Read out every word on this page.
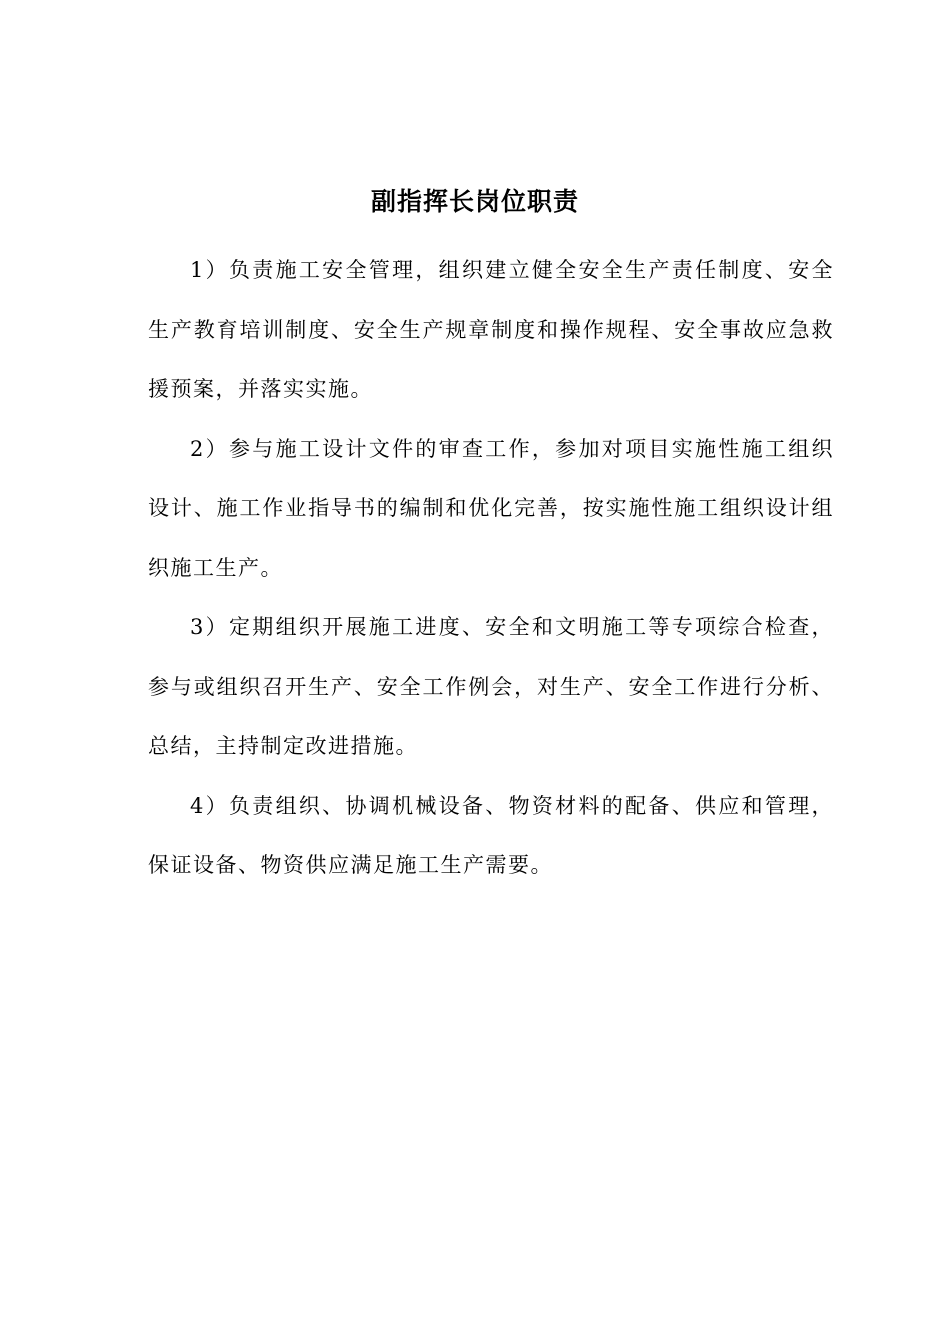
副指挥长岗位职责

1）负责施工安全管理，组织建立健全安全生产责任制度、安全生产教育培训制度、安全生产规章制度和操作规程、安全事故应急救援预案，并落实实施。

2）参与施工设计文件的审查工作，参加对项目实施性施工组织设计、施工作业指导书的编制和优化完善，按实施性施工组织设计组织施工生产。

3）定期组织开展施工进度、安全和文明施工等专项综合检查，参与或组织召开生产、安全工作例会，对生产、安全工作进行分析、总结，主持制定改进措施。

4）负责组织、协调机械设备、物资材料的配备、供应和管理，保证设备、物资供应满足施工生产需要。
